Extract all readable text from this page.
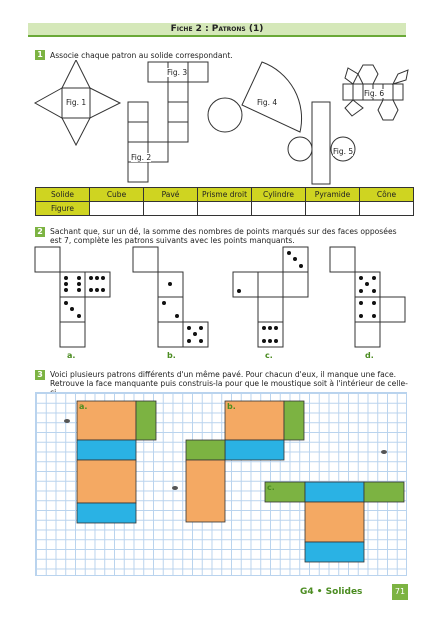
Fiche 2 : Patrons (1)
1 Associe chaque patron au solide correspondant.
Fig. 1
Fig. 2
Fig. 3
Fig. 4
Fig. 5
Fig. 6
Solide	Cube	Pavé	Prisme droit	Cylindre	Pyramide	Cône
Figure						
2 Sachant que, sur un dé, la somme des nombres de points marqués sur des faces opposées est 7, complète les patrons suivants avec les points manquants.
a.	b.	c.	d.
3 Voici plusieurs patrons différents d'un même pavé. Pour chacun d'eux, il manque une face. Retrouve la face manquante puis construis-la pour que le moustique soit à l'intérieur de celle-
a.	b.
c.
G4 • Solides	71
